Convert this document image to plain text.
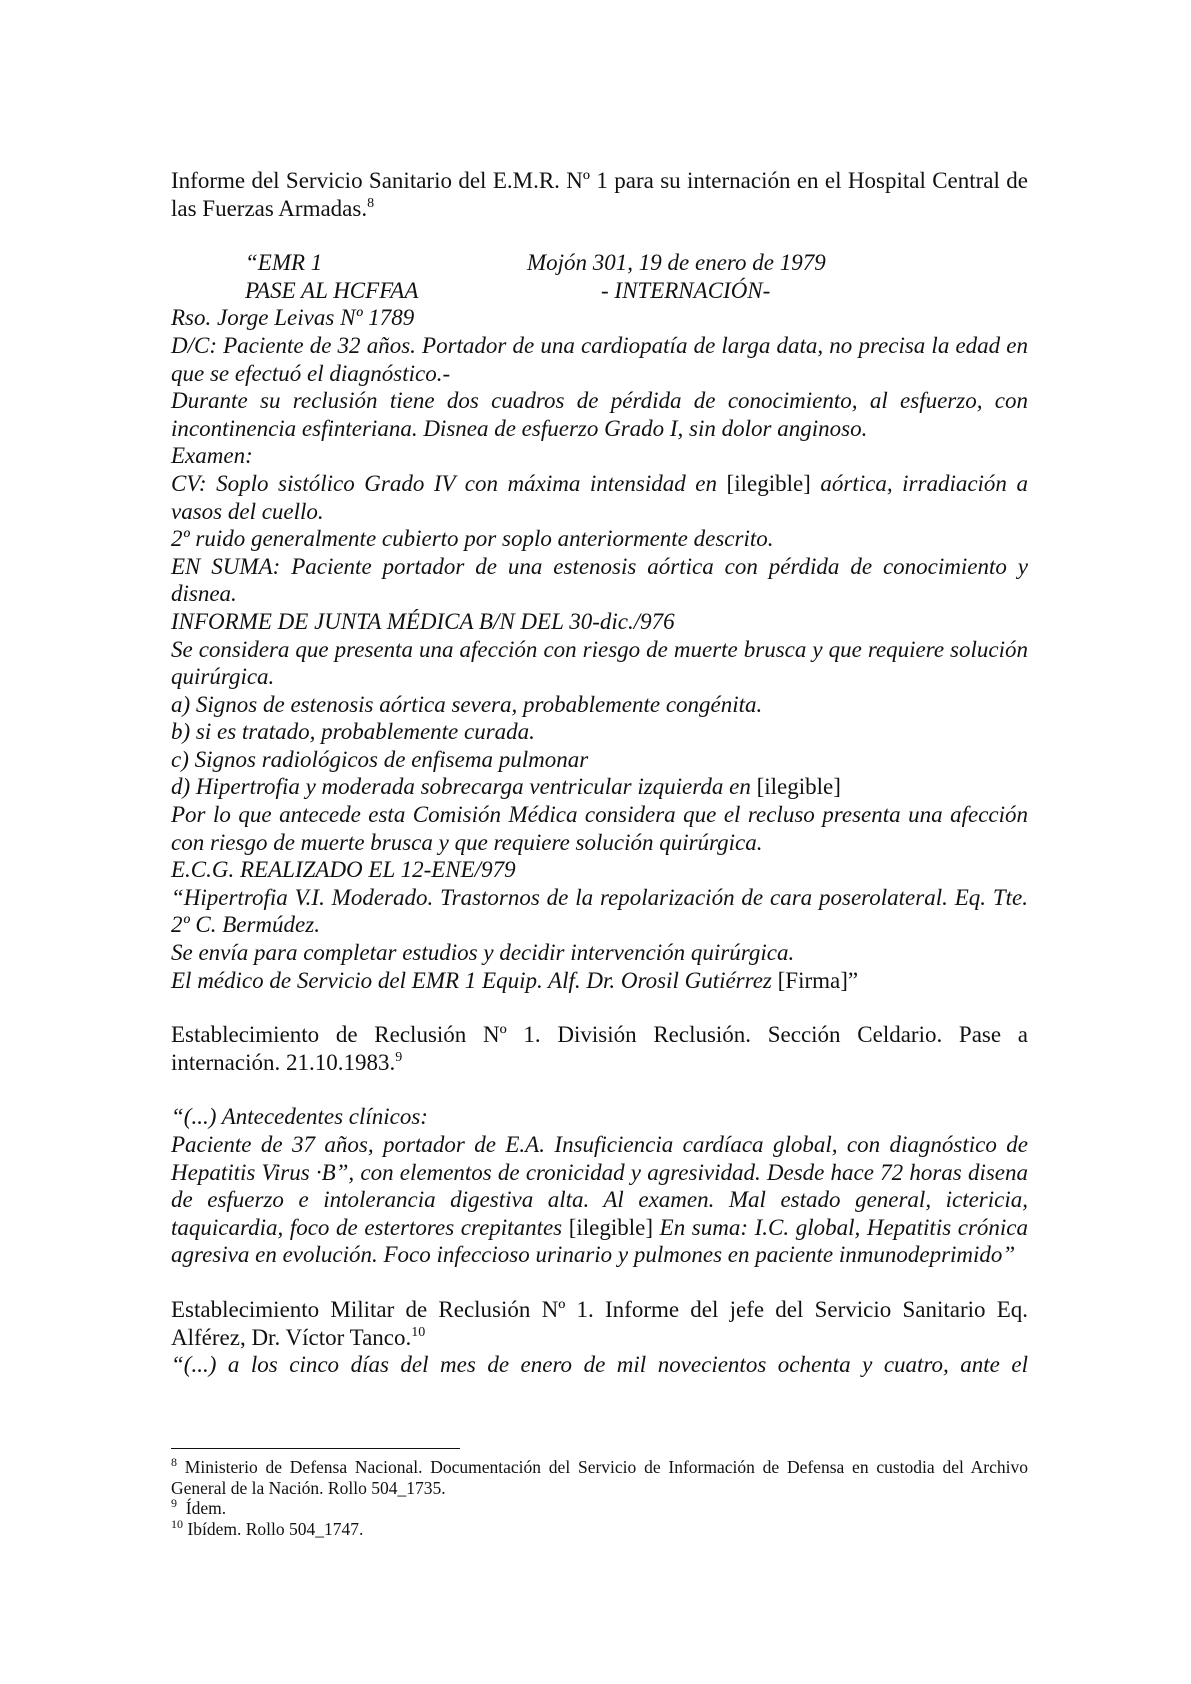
Informe del Servicio Sanitario del E.M.R. Nº 1 para su internación en el Hospital Central de las Fuerzas Armadas.$^8$

“EMR 1	Mojón 301, 19 de enero de 1979
PASE AL HCFFAA	- INTERNACIÓN-

Rso. Jorge Leivas Nº 1789

D/C: Paciente de 32 años. Portador de una cardiopatía de larga data, no precisa la edad en que se efectuó el diagnóstico.-

Durante su reclusión tiene dos cuadros de pérdida de conocimiento, al esfuerzo, con incontinencia esfinteriana. Disnea de esfuerzo Grado I, sin dolor anginoso.

Examen:

CV: Soplo sistólico Grado IV con máxima intensidad en [ilegible] aórtica, irradiación a vasos del cuello.

2º ruido generalmente cubierto por soplo anteriormente descrito.

EN SUMA: Paciente portador de una estenosis aórtica con pérdida de conocimiento y disnea.

INFORME DE JUNTA MÉDICA B/N DEL 30-dic./976

Se considera que presenta una afección con riesgo de muerte brusca y que requiere solución quirúrgica.

a) Signos de estenosis aórtica severa, probablemente congénita.

b) si es tratado, probablemente curada.

c) Signos radiológicos de enfisema pulmonar

d) Hipertrofia y moderada sobrecarga ventricular izquierda en [ilegible]

Por lo que antecede esta Comisión Médica considera que el recluso presenta una afección con riesgo de muerte brusca y que requiere solución quirúrgica.

E.C.G. REALIZADO EL 12-ENE/979

“Hipertrofia V.I. Moderado. Trastornos de la repolarización de cara poserolateral. Eq. Tte. 2º C. Bermúdez.

Se envía para completar estudios y decidir intervención quirúrgica.

El médico de Servicio del EMR 1 Equip. Alf. Dr. Orosil Gutiérrez [Firma]”

Establecimiento de Reclusión Nº 1. División Reclusión. Sección Celdario. Pase a internación. 21.10.1983.$^9$

“(...) Antecedentes clínicos:

Paciente de 37 años, portador de E.A. Insuficiencia cardíaca global, con diagnóstico de Hepatitis Virus ·B”, con elementos de cronicidad y agresividad. Desde hace 72 horas disena de esfuerzo e intolerancia digestiva alta. Al examen. Mal estado general, ictericia, taquicardia, foco de estertores crepitantes [ilegible] En suma: I.C. global, Hepatitis crónica agresiva en evolución. Foco infeccioso urinario y pulmones en paciente inmunodeprimido”

Establecimiento Militar de Reclusión Nº 1. Informe del jefe del Servicio Sanitario Eq. Alférez, Dr. Víctor Tanco.$^{10}$

“(...) a los cinco días del mes de enero de mil novecientos ochenta y cuatro, ante el

$^8$ Ministerio de Defensa Nacional. Documentación del Servicio de Información de Defensa en custodia del Archivo General de la Nación. Rollo 504_1735.

$^9$ Ídem.

$^{10}$ Ibídem. Rollo 504_1747.
